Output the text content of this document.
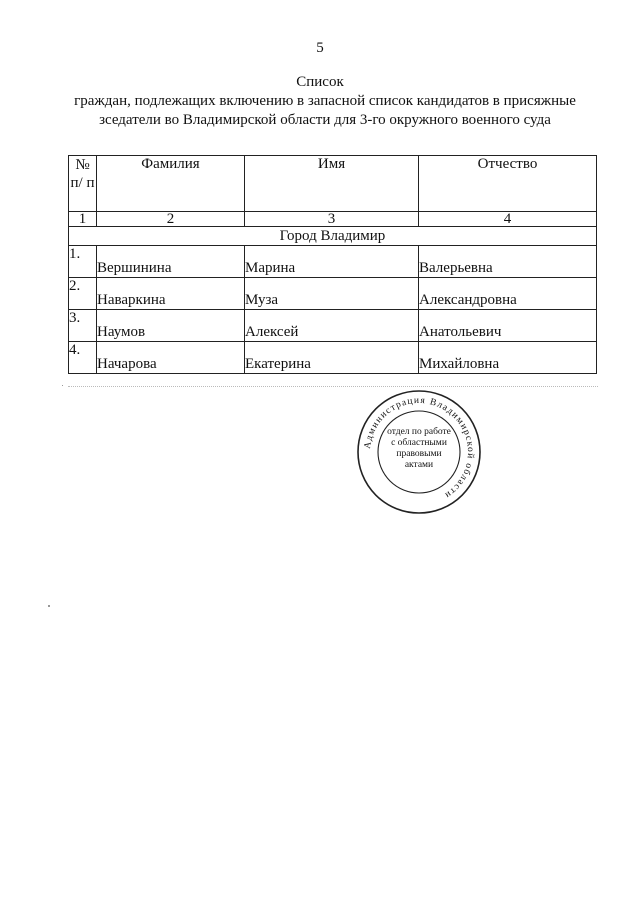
5
Список
граждан, подлежащих включению в запасной список кандидатов в присяжные зседатели во Владимирской области для 3-го окружного военного суда
№ п/ п	Фамилия	Имя	Отчество
1	2	3	4
Город Владимир			
1.	Вершинина	Марина	Валерьевна
2.	Наваркина	Муза	Александровна
3.	Наумов	Алексей	Анатольевич
4.	Начарова	Екатерина	Михайловна
Администрация Владимирской области
отдел по работе
с областными
правовыми
актами
